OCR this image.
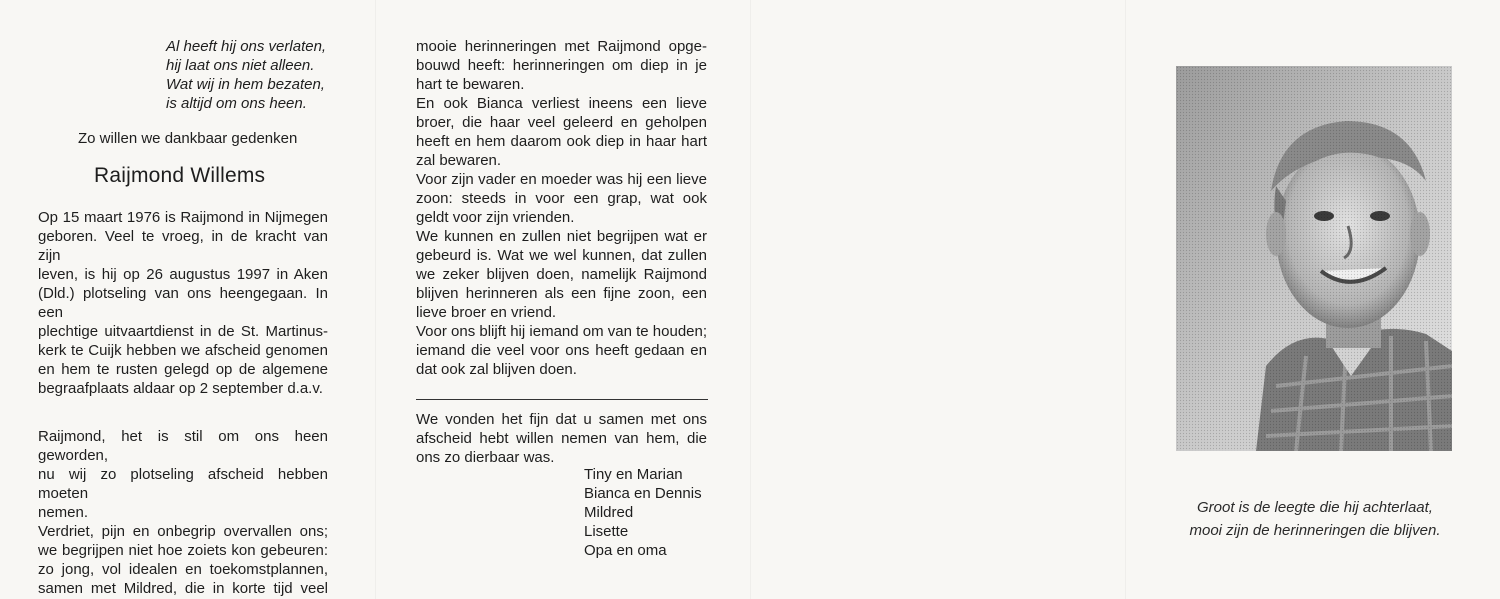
Al heeft hij ons verlaten,
hij laat ons niet alleen.
Wat wij in hem bezaten,
is altijd om ons heen.
Zo willen we dankbaar gedenken
Raijmond Willems
Op 15 maart 1976 is Raijmond in Nijmegen
geboren. Veel te vroeg, in de kracht van zijn
leven, is hij op 26 augustus 1997 in Aken
(Dld.) plotseling van ons heengegaan. In een
plechtige uitvaartdienst in de St. Martinus-
kerk te Cuijk hebben we afscheid genomen
en hem te rusten gelegd op de algemene
begraafplaats aldaar op 2 september d.a.v.
Raijmond, het is stil om ons heen geworden,
nu wij zo plotseling afscheid hebben moeten
nemen.
Verdriet, pijn en onbegrip overvallen ons;
we begrijpen niet hoe zoiets kon gebeuren:
zo jong, vol idealen en toekomstplannen,
samen met Mildred, die in korte tijd veel
mooie herinneringen met Raijmond opge-
bouwd heeft: herinneringen om diep in je
hart te bewaren.
En ook Bianca verliest ineens een lieve
broer, die haar veel geleerd en geholpen
heeft en hem daarom ook diep in haar hart
zal bewaren.
Voor zijn vader en moeder was hij een lieve
zoon: steeds in voor een grap, wat ook
geldt voor zijn vrienden.
We kunnen en zullen niet begrijpen wat er
gebeurd is. Wat we wel kunnen, dat zullen
we zeker blijven doen, namelijk Raijmond
blijven herinneren als een fijne zoon, een
lieve broer en vriend.
Voor ons blijft hij iemand om van te houden;
iemand die veel voor ons heeft gedaan en
dat ook zal blijven doen.
We vonden het fijn dat u samen met ons
afscheid hebt willen nemen van hem, die
ons zo dierbaar was.
Tiny en Marian
Bianca en Dennis
Mildred
Lisette
Opa en oma
Groot is de leegte die hij achterlaat,
mooi zijn de herinneringen die blijven.
